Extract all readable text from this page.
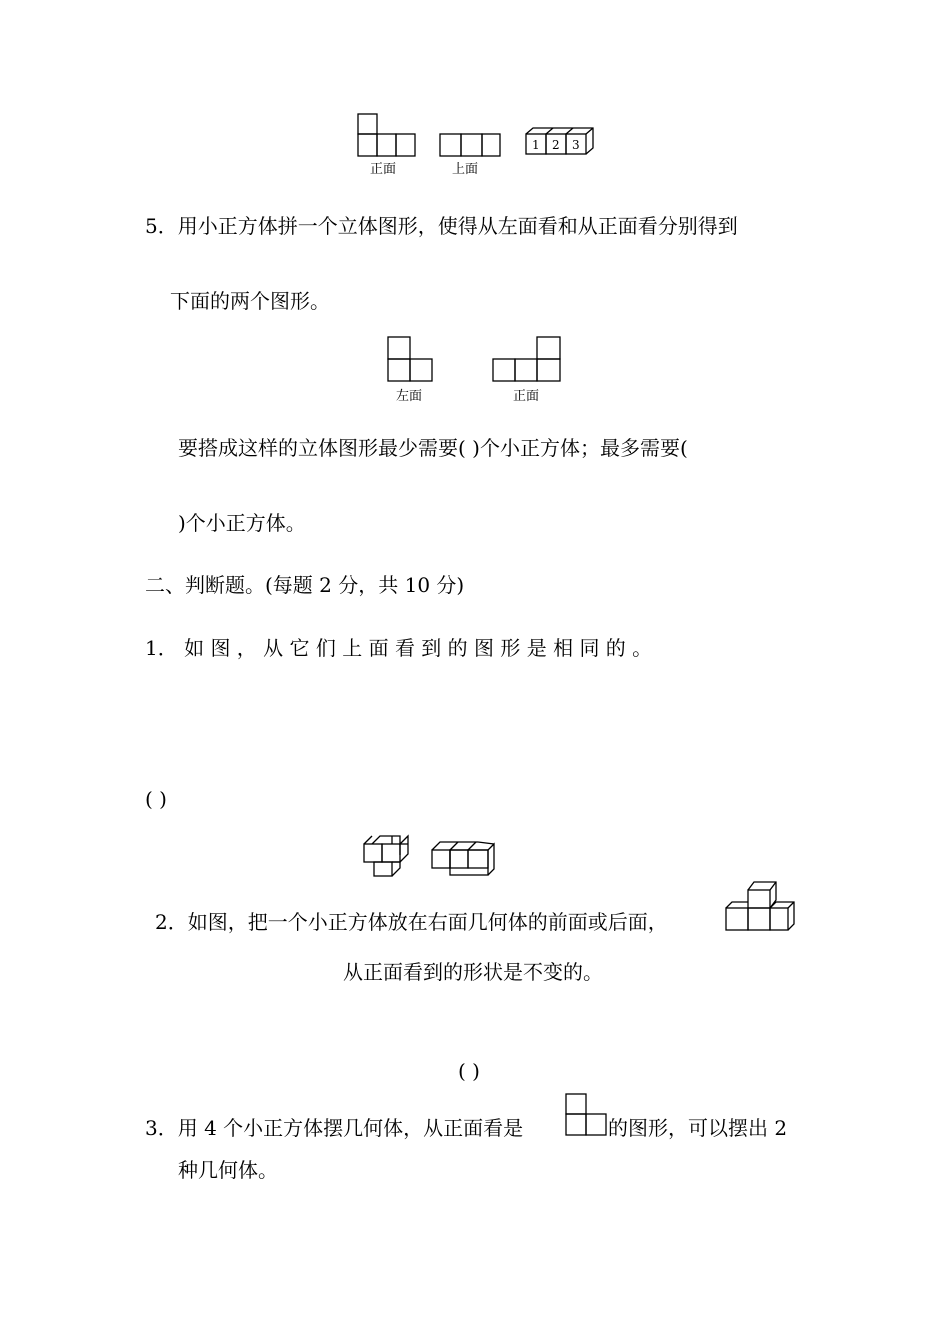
正面	上面
1 2 3
5．用小正方体拼一个立体图形，使得从左面看和从正面看分别得到
下面的两个图形。
左面	正面
要搭成这样的立体图形最少需要( )个小正方体；最多需要(
)个小正方体。
二、判断题。(每题 2 分，共 10 分)
1． 如 图 ， 从 它 们 上 面 看 到 的 图 形 是 相 同 的 。
( )
2．如图，把一个小正方体放在右面几何体的前面或后面，
从正面看到的形状是不变的。
( )
3．用 4 个小正方体摆几何体，从正面看是	的图形，可以摆出 2
种几何体。
